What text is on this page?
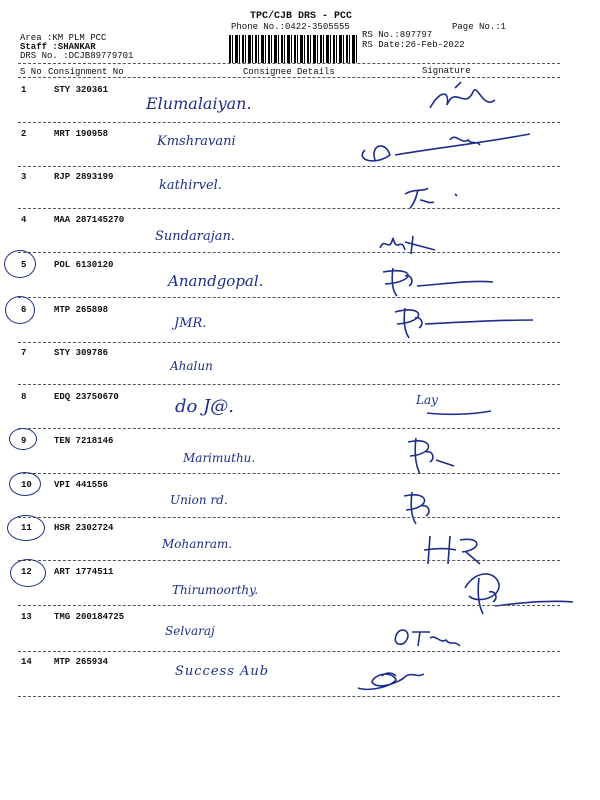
TPC/CJB DRS - PCC
Phone No.:0422-3505555	Page No.:1
Area :KM PLM PCC
Staff :SHANKAR
DRS No. :DCJB89779701
RS No.:897797
RS Date:26-Feb-2022
S No Consignment No	Consignee Details	Signature
1	STY 320361
Elumalaiyan.
2	MRT 190958	Kmshravani
3	RJP 2893199
kathirvel.
4	MAA 287145270
Sundarajan.
5	POL 6130120
Anandgopal.
6	MTP 265898
JMR.
7	STY 309786
Ahalun
8	EDQ 23750670	do J@.	Lay
9	TEN 7218146
Marimuthu.
10 VPI 441556
Union rd.
11 HSR 2302724
Mohanram.
12 ART 1774511
Thirumoorthy.
13 TMG 200184725
Selvaraj
14 MTP 265934
Success Aub
